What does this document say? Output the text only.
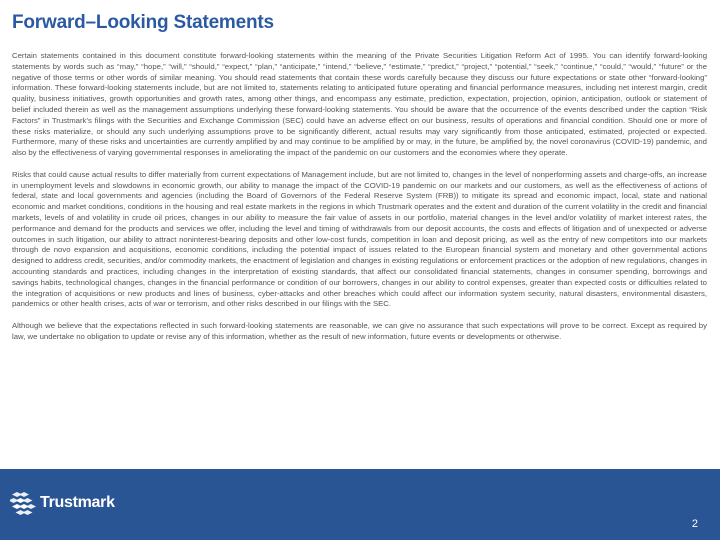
Forward–Looking Statements

Certain statements contained in this document constitute forward-looking statements within the meaning of the Private Securities Litigation Reform Act of 1995. You can identify forward-looking statements by words such as “may,” “hope,” “will,” “should,” “expect,” “plan,” “anticipate,” “intend,” “believe,” “estimate,” “predict,” “project,” “potential,” “seek,” “continue,” “could,” “would,” “future” or the negative of those terms or other words of similar meaning. You should read statements that contain these words carefully because they discuss our future expectations or state other “forward-looking” information. These forward-looking statements include, but are not limited to, statements relating to anticipated future operating and financial performance measures, including net interest margin, credit quality, business initiatives, growth opportunities and growth rates, among other things, and encompass any estimate, prediction, expectation, projection, opinion, anticipation, outlook or statement of belief included therein as well as the management assumptions underlying these forward-looking statements. You should be aware that the occurrence of the events described under the caption “Risk Factors” in Trustmark’s filings with the Securities and Exchange Commission (SEC) could have an adverse effect on our business, results of operations and financial condition. Should one or more of these risks materialize, or should any such underlying assumptions prove to be significantly different, actual results may vary significantly from those anticipated, estimated, projected or expected. Furthermore, many of these risks and uncertainties are currently amplified by and may continue to be amplified by or may, in the future, be amplified by, the novel coronavirus (COVID-19) pandemic, and also by the effectiveness of varying governmental responses in ameliorating the impact of the pandemic on our customers and the economies where they operate.

Risks that could cause actual results to differ materially from current expectations of Management include, but are not limited to, changes in the level of nonperforming assets and charge-offs, an increase in unemployment levels and slowdowns in economic growth, our ability to manage the impact of the COVID-19 pandemic on our markets and our customers, as well as the effectiveness of actions of federal, state and local governments and agencies (including the Board of Governors of the Federal Reserve System (FRB)) to mitigate its spread and economic impact, local, state and national economic and market conditions, conditions in the housing and real estate markets in the regions in which Trustmark operates and the extent and duration of the current volatility in the credit and financial markets, levels of and volatility in crude oil prices, changes in our ability to measure the fair value of assets in our portfolio, material changes in the level and/or volatility of market interest rates, the performance and demand for the products and services we offer, including the level and timing of withdrawals from our deposit accounts, the costs and effects of litigation and of unexpected or adverse outcomes in such litigation, our ability to attract noninterest-bearing deposits and other low-cost funds, competition in loan and deposit pricing, as well as the entry of new competitors into our markets through de novo expansion and acquisitions, economic conditions, including the potential impact of issues related to the European financial system and monetary and other governmental actions designed to address credit, securities, and/or commodity markets, the enactment of legislation and changes in existing regulations or enforcement practices or the adoption of new regulations, changes in accounting standards and practices, including changes in the interpretation of existing standards, that affect our consolidated financial statements, changes in consumer spending, borrowings and savings habits, technological changes, changes in the financial performance or condition of our borrowers, changes in our ability to control expenses, greater than expected costs or difficulties related to the integration of acquisitions or new products and lines of business, cyber-attacks and other breaches which could affect our information system security, natural disasters, environmental disasters, pandemics or other health crises, acts of war or terrorism, and other risks described in our filings with the SEC.

Although we believe that the expectations reflected in such forward-looking statements are reasonable, we can give no assurance that such expectations will prove to be correct. Except as required by law, we undertake no obligation to update or revise any of this information, whether as the result of new information, future events or developments or otherwise.

Trustmark
2
